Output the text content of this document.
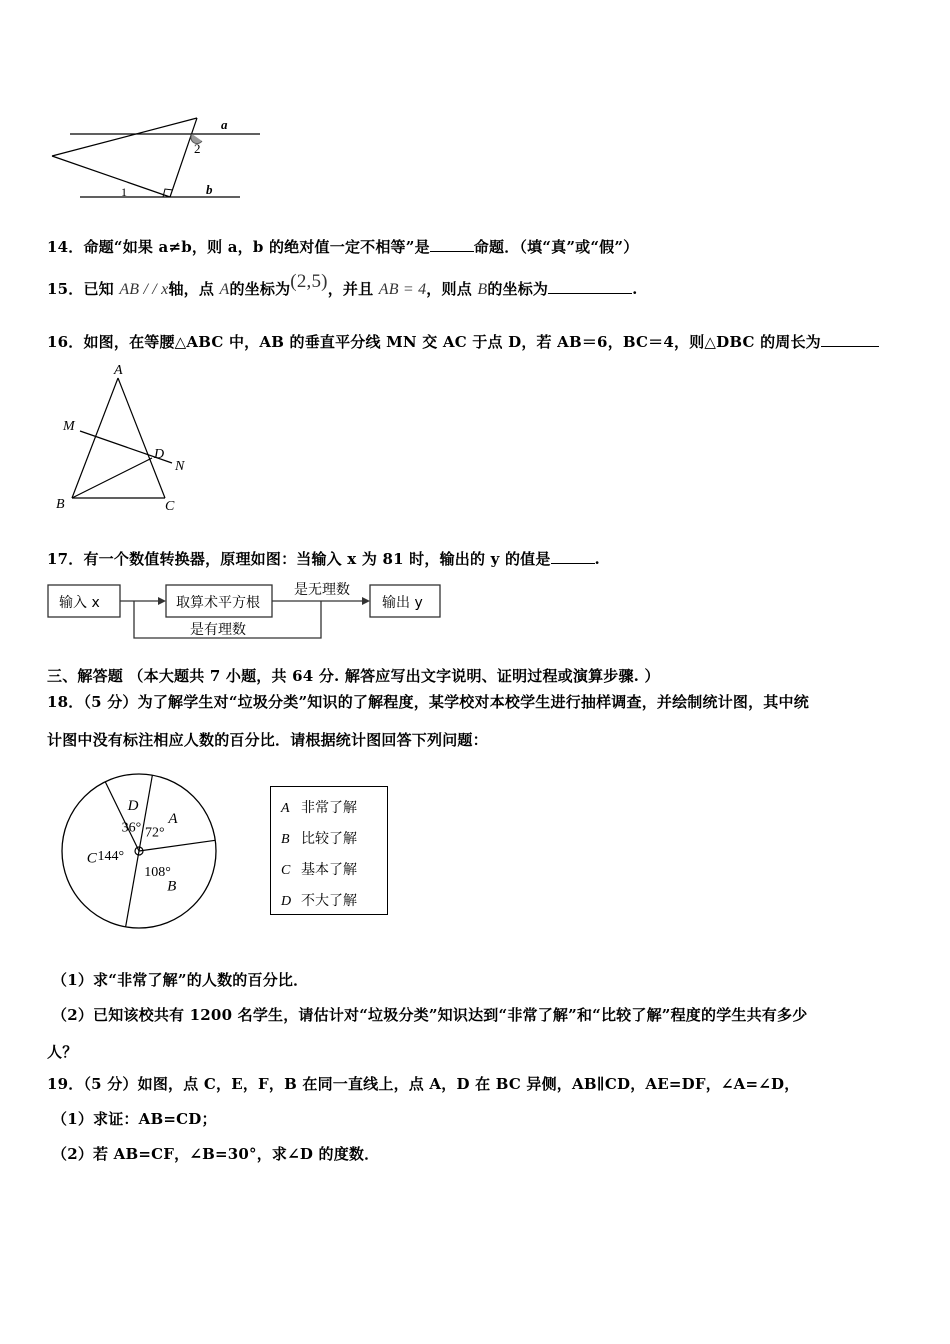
a
b
1
2
14．命题“如果 a≠b，则 a，b 的绝对值一定不相等”是	命题．（填“真”或“假”）
15．已知 AB / / x轴，点 A的坐标为(2,5)，并且 AB = 4，则点 B的坐标为	.
16．如图，在等腰△ABC 中，AB 的垂直平分线 MN 交 AC 于点 D，若 AB＝6，BC＝4，则△DBC 的周长为
A
M
D
N
B	C
17．有一个数值转换器，原理如图：当输入 x 为 81 时，输出的 y 的值是	.
输入 x	取算术平方根
是无理数
输出 y
是有理数
三、解答题 （本大题共 7 小题，共 64 分. 解答应写出文字说明、证明过程或演算步骤. ）
18．（5 分）为了解学生对“垃圾分类”知识的了解程度，某学校对本校学生进行抽样调查，并绘制统计图，其中统
计图中没有标注相应人数的百分比．请根据统计图回答下列问题：
A
72°
D
36°
C 144°
B
108°
A 非常了解
B 比较了解
C 基本了解
D 不大了解
（1）求“非常了解”的人数的百分比．
（2）已知该校共有 1200 名学生，请估计对“垃圾分类”知识达到“非常了解”和“比较了解”程度的学生共有多少
人？
19．（5 分）如图，点 C，E，F，B 在同一直线上，点 A，D 在 BC 异侧，AB∥CD，AE=DF，∠A=∠D，
（1）求证：AB=CD；
（2）若 AB=CF，∠B=30°，求∠D 的度数．
